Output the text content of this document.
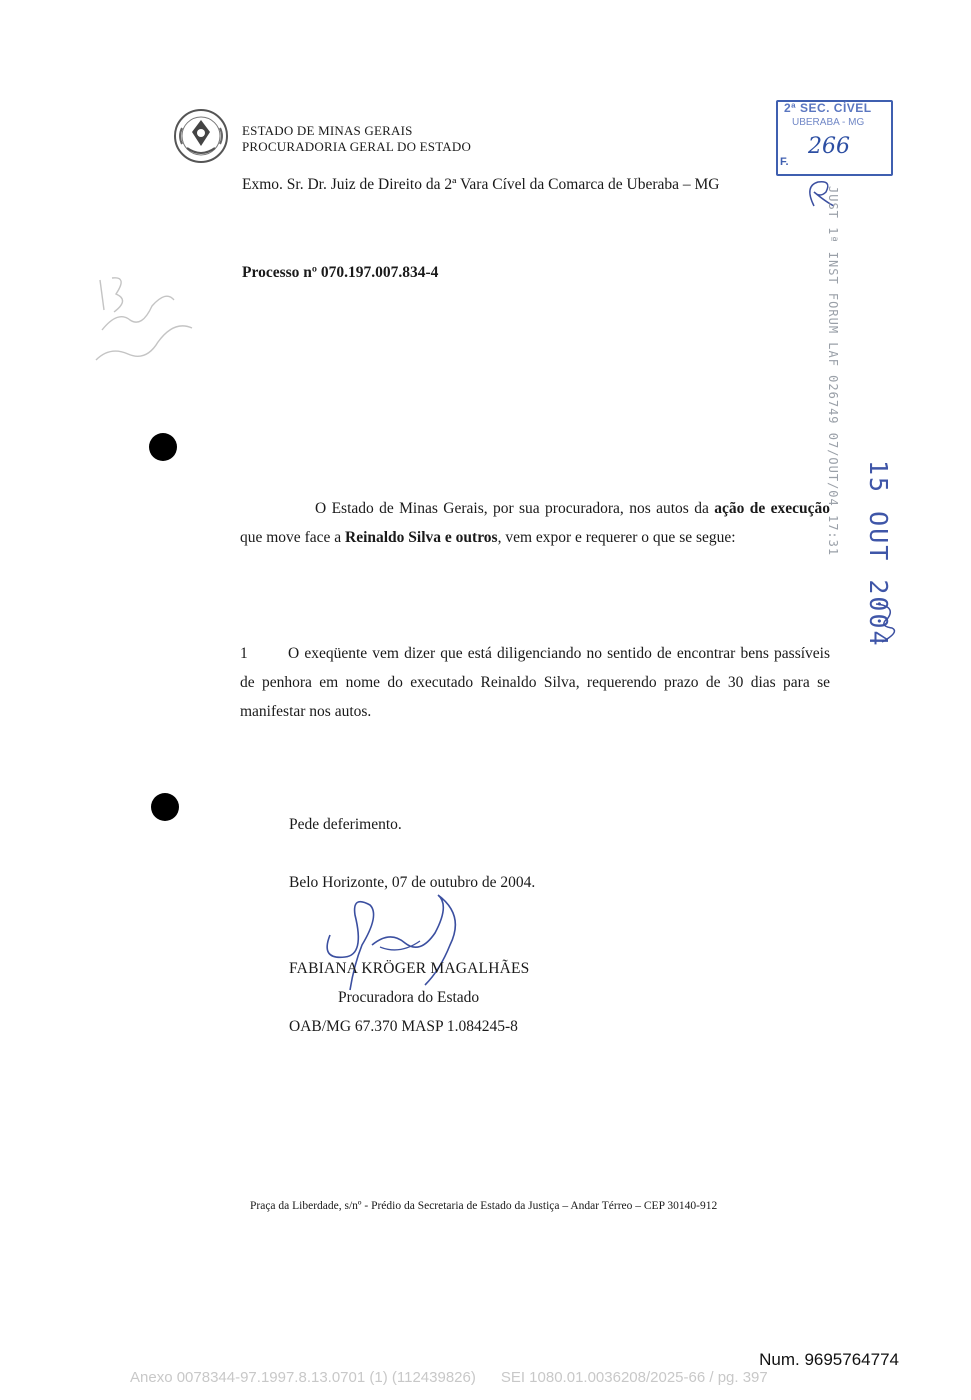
ESTADO DE MINAS GERAIS
PROCURADORIA GERAL DO ESTADO
Exmo. Sr. Dr. Juiz de Direito da 2ª Vara Cível da Comarca de Uberaba – MG
Processo nº 070.197.007.834-4
O Estado de Minas Gerais, por sua procuradora, nos autos da ação de execução que move face a Reinaldo Silva e outros, vem expor e requerer o que se segue:
1	O exeqüente vem dizer que está diligenciando no sentido de encontrar bens passíveis de penhora em nome do executado Reinaldo Silva, requerendo prazo de 30 dias para se manifestar nos autos.
Pede deferimento.
Belo Horizonte, 07 de outubro de 2004.
FABIANA KRÖGER MAGALHÃES
Procuradora do Estado
OAB/MG 67.370 MASP 1.084245-8
Praça da Liberdade, s/nº - Prédio da Secretaria de Estado da Justiça – Andar Térreo – CEP 30140-912
2ª SEC. CÍVEL
UBERABA - MG
266
F.
JUST 1ª INST FORUM LAF 026749 07/OUT/04 17:31 15 OUT 2004
Num. 9695764774
Anexo 0078344-97.1997.8.13.0701 (1) (112439826)      SEI 1080.01.0036208/2025-66 / pg. 397
